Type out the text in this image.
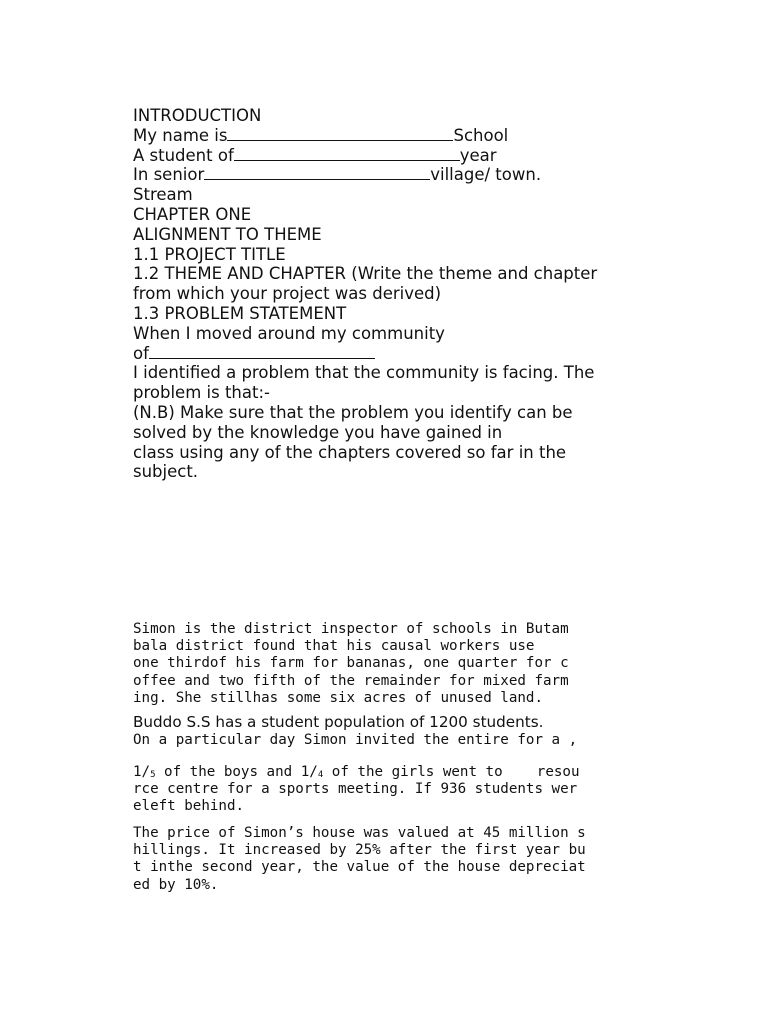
INTRODUCTION
My name is	School
A student of	year
In senior	village/ town.
Stream
CHAPTER ONE
ALIGNMENT TO THEME
1.1 PROJECT TITLE
1.2 THEME AND CHAPTER (Write the theme and chapter
from which your project was derived)
1.3 PROBLEM STATEMENT
When I moved around my community
of
I identified a problem that the community is facing. The
problem is that:-
(N.B) Make sure that the problem you identify can be
solved by the knowledge you have gained in
class using any of the chapters covered so far in the
subject.
Simon is the district inspector of schools in Butam
bala district found that his causal workers use
one thirdof his farm for bananas, one quarter for c
offee and two fifth of the remainder for mixed farm
ing. She stillhas some six acres of unused land.
Buddo S.S has a student population of 1200 students.
On a particular day Simon invited the entire for a ,
$1/_5$ of the boys and $1/_4$ of the girls went to    resou
rce centre for a sports meeting. If 936 students wer
eleft behind.
The price of Simon’s house was valued at 45 million s
hillings. It increased by 25% after the first year bu
t inthe second year, the value of the house depreciat
ed by 10%.
